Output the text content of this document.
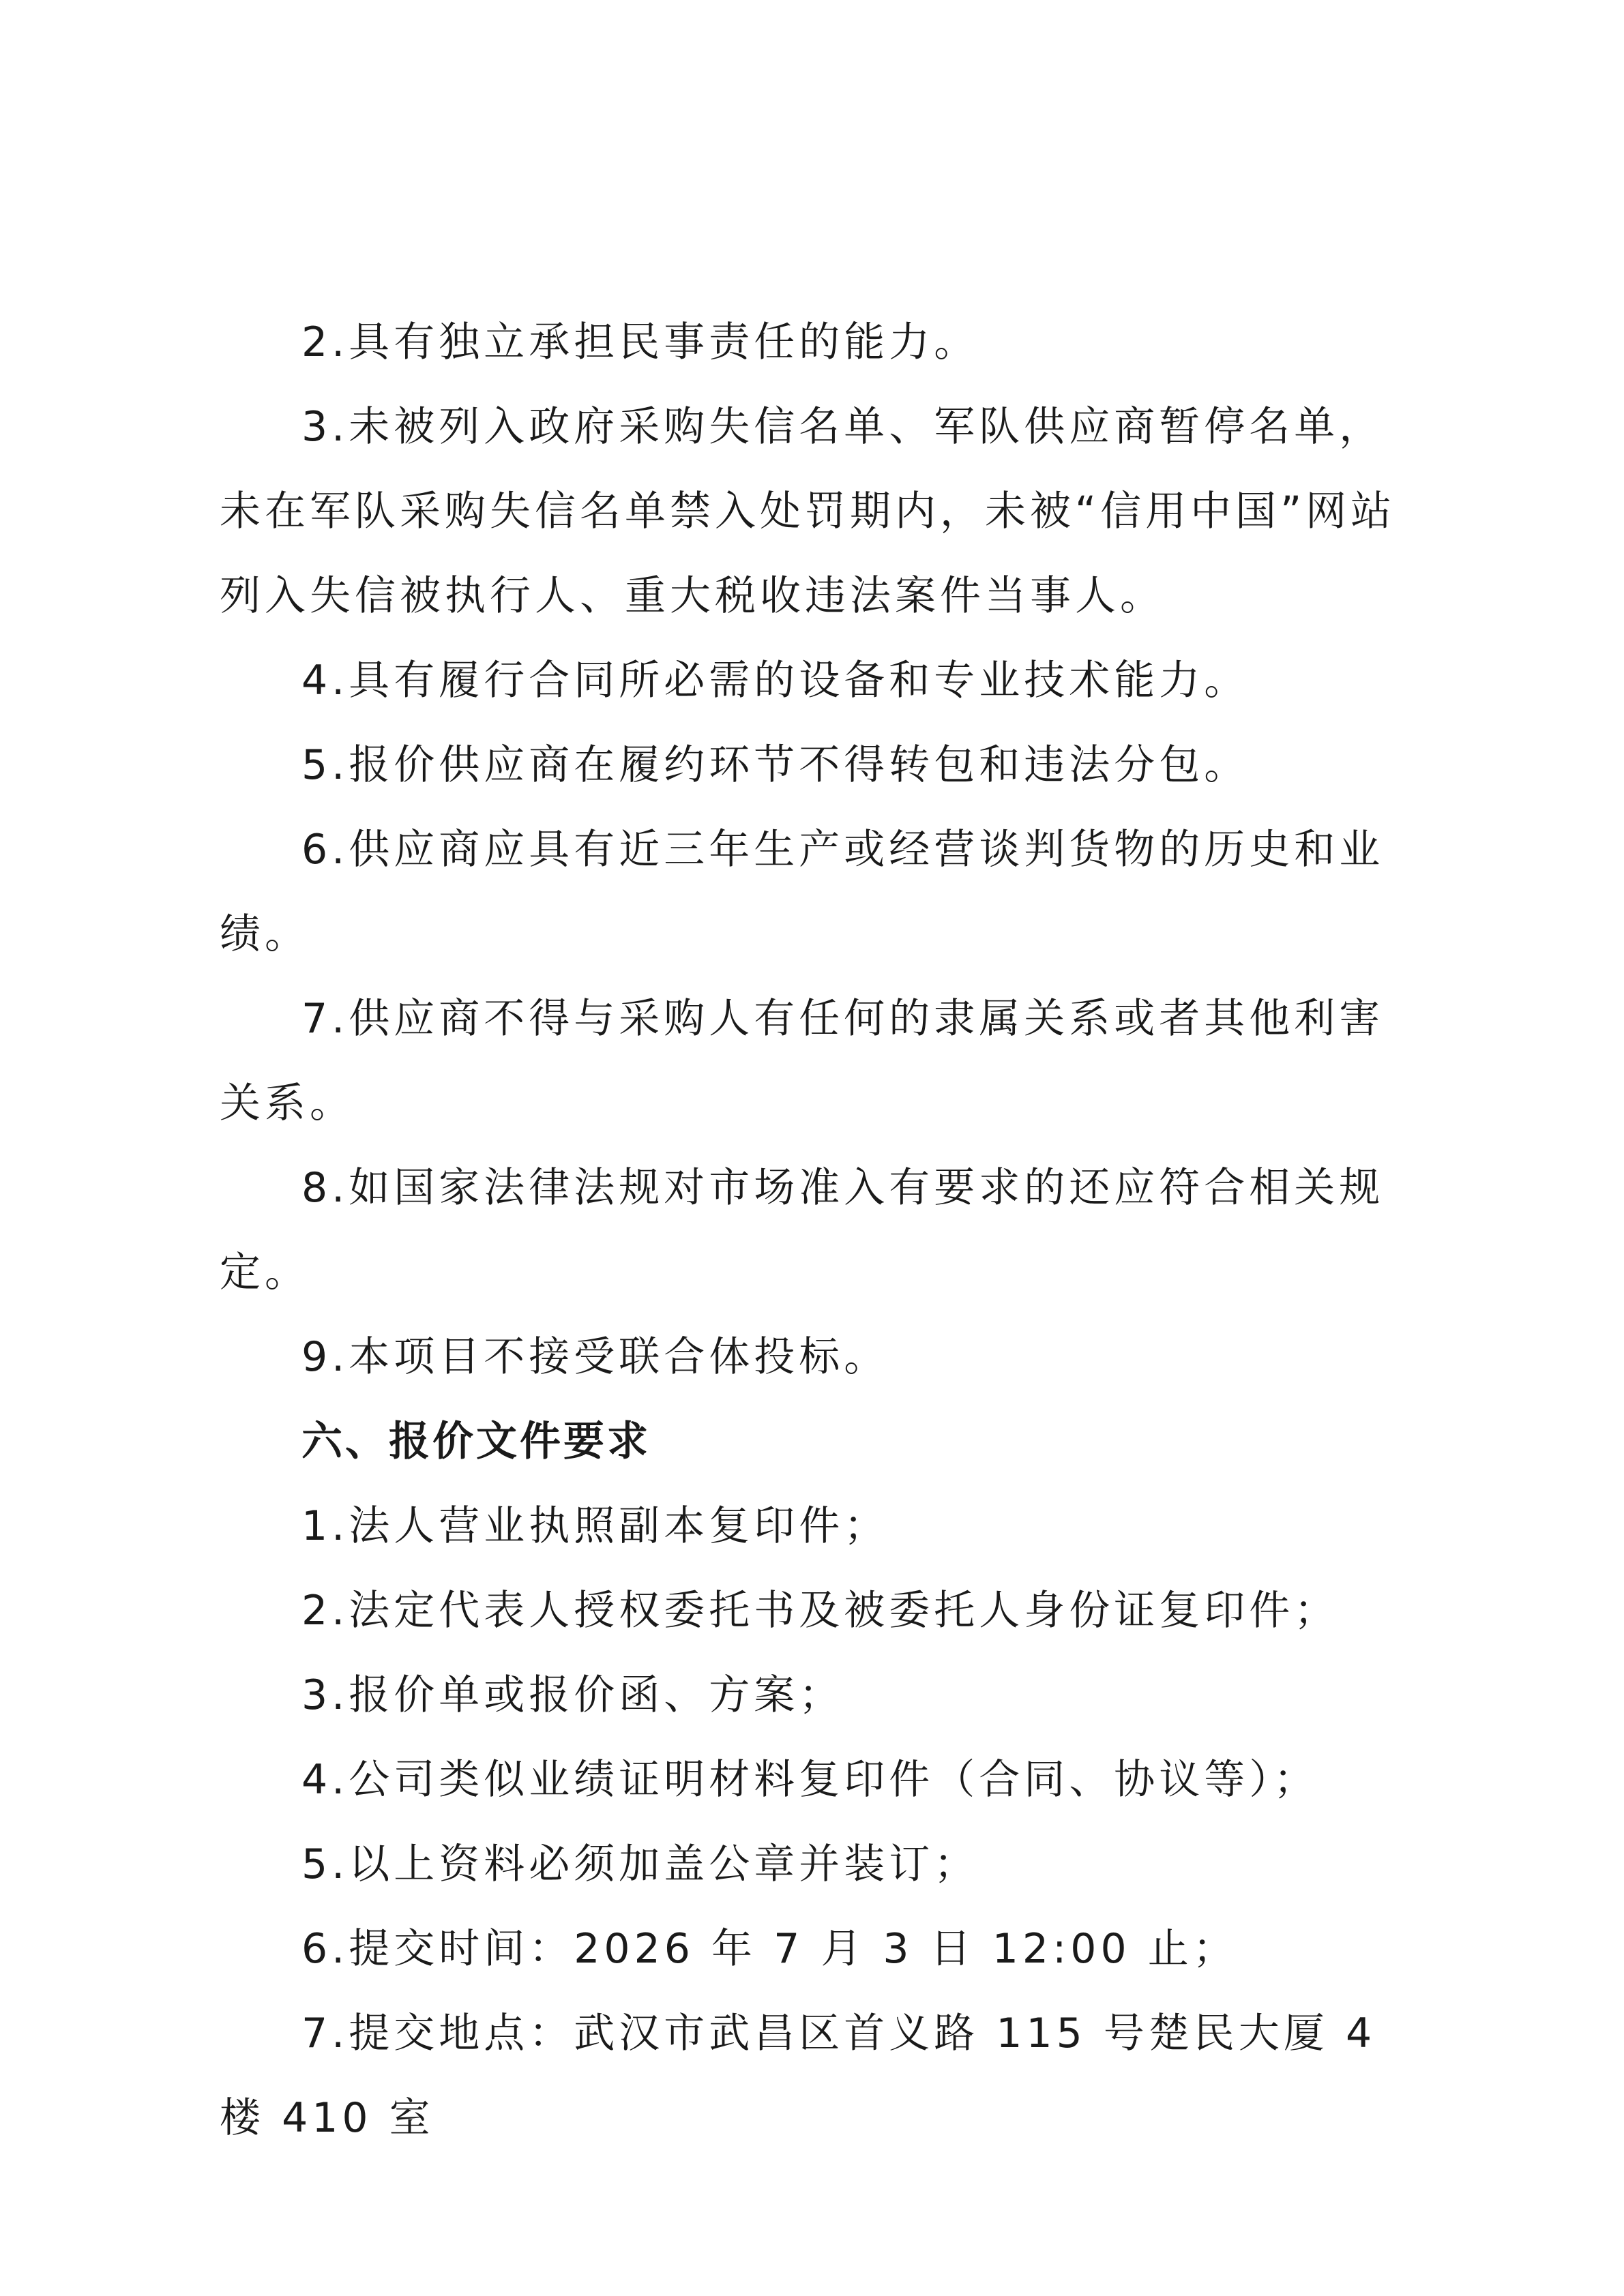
2.具有独立承担民事责任的能力。

3.未被列入政府采购失信名单、军队供应商暂停名单，未在军队采购失信名单禁入处罚期内，未被“信用中国”网站列入失信被执行人、重大税收违法案件当事人。

4.具有履行合同所必需的设备和专业技术能力。

5.报价供应商在履约环节不得转包和违法分包。

6.供应商应具有近三年生产或经营谈判货物的历史和业绩。

7.供应商不得与采购人有任何的隶属关系或者其他利害关系。

8.如国家法律法规对市场准入有要求的还应符合相关规定。

9.本项目不接受联合体投标。

六、报价文件要求

1.法人营业执照副本复印件；

2.法定代表人授权委托书及被委托人身份证复印件；

3.报价单或报价函、方案；

4.公司类似业绩证明材料复印件（合同、协议等）；

5.以上资料必须加盖公章并装订；

6.提交时间：2026 年 7 月 3 日 12:00 止；

7.提交地点：武汉市武昌区首义路 115 号楚民大厦 4 楼 410 室
